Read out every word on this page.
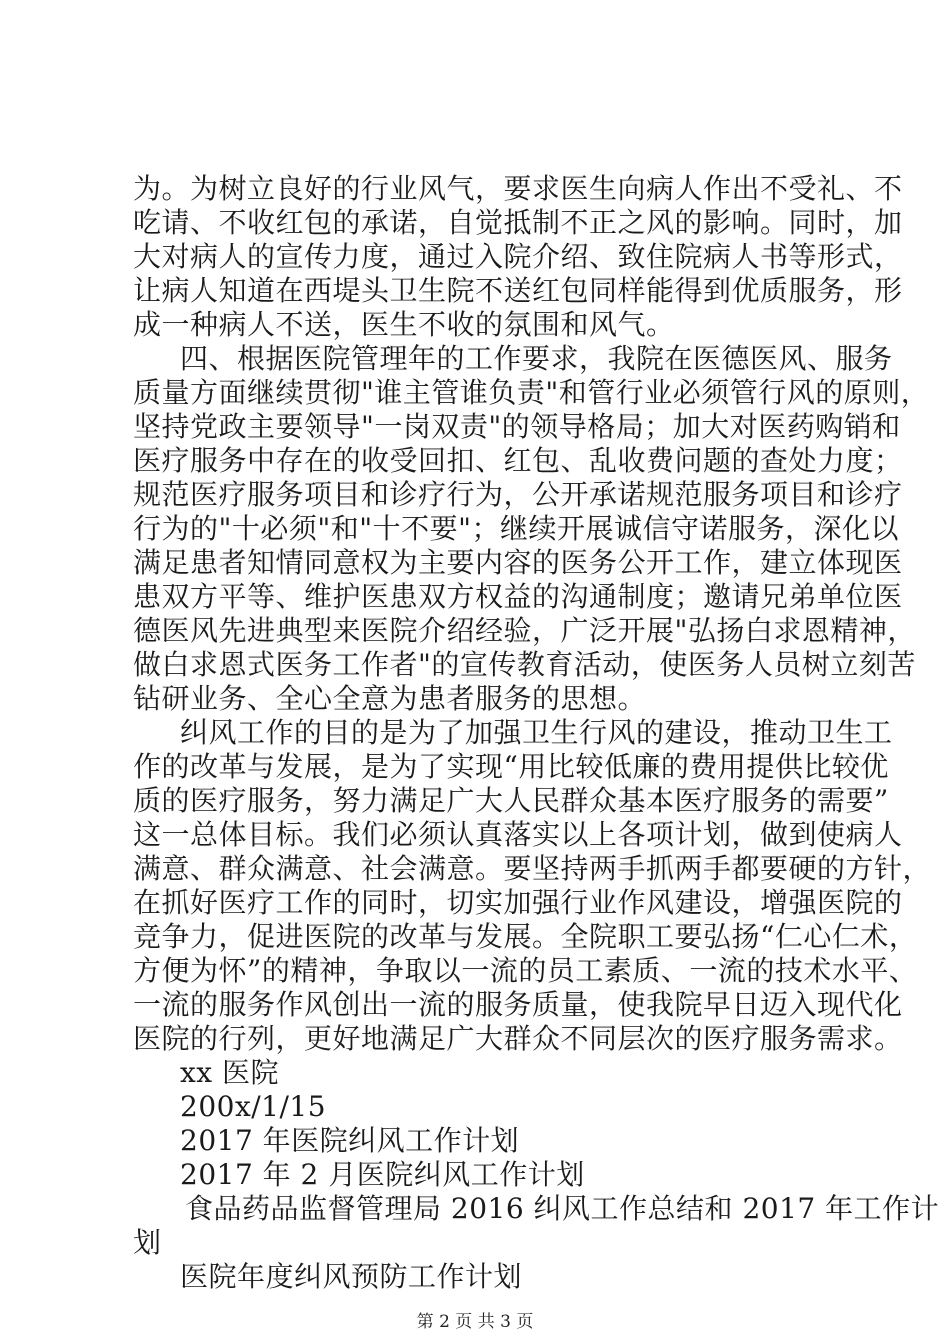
为。为树立良好的行业风气，要求医生向病人作出不受礼、不
吃请、不收红包的承诺，自觉抵制不正之风的影响。同时，加
大对病人的宣传力度，通过入院介绍、致住院病人书等形式，
让病人知道在西堤头卫生院不送红包同样能得到优质服务，形
成一种病人不送，医生不收的氛围和风气。
四、根据医院管理年的工作要求，我院在医德医风、服务
质量方面继续贯彻"谁主管谁负责"和管行业必须管行风的原则，
坚持党政主要领导"一岗双责"的领导格局；加大对医药购销和
医疗服务中存在的收受回扣、红包、乱收费问题的查处力度；
规范医疗服务项目和诊疗行为，公开承诺规范服务项目和诊疗
行为的"十必须"和"十不要"；继续开展诚信守诺服务，深化以
满足患者知情同意权为主要内容的医务公开工作，建立体现医
患双方平等、维护医患双方权益的沟通制度；邀请兄弟单位医
德医风先进典型来医院介绍经验，广泛开展"弘扬白求恩精神，
做白求恩式医务工作者"的宣传教育活动，使医务人员树立刻苦
钻研业务、全心全意为患者服务的思想。
纠风工作的目的是为了加强卫生行风的建设，推动卫生工
作的改革与发展，是为了实现“用比较低廉的费用提供比较优
质的医疗服务，努力满足广大人民群众基本医疗服务的需要”
这一总体目标。我们必须认真落实以上各项计划，做到使病人
满意、群众满意、社会满意。要坚持两手抓两手都要硬的方针，
在抓好医疗工作的同时，切实加强行业作风建设，增强医院的
竞争力，促进医院的改革与发展。全院职工要弘扬“仁心仁术，
方便为怀”的精神，争取以一流的员工素质、一流的技术水平、
一流的服务作风创出一流的服务质量，使我院早日迈入现代化
医院的行列，更好地满足广大群众不同层次的医疗服务需求。
xx 医院
200x/1/15
2017 年医院纠风工作计划
2017 年 2 月医院纠风工作计划
食品药品监督管理局 2016 纠风工作总结和 2017 年工作计
划
医院年度纠风预防工作计划
第 2 页 共 3 页
